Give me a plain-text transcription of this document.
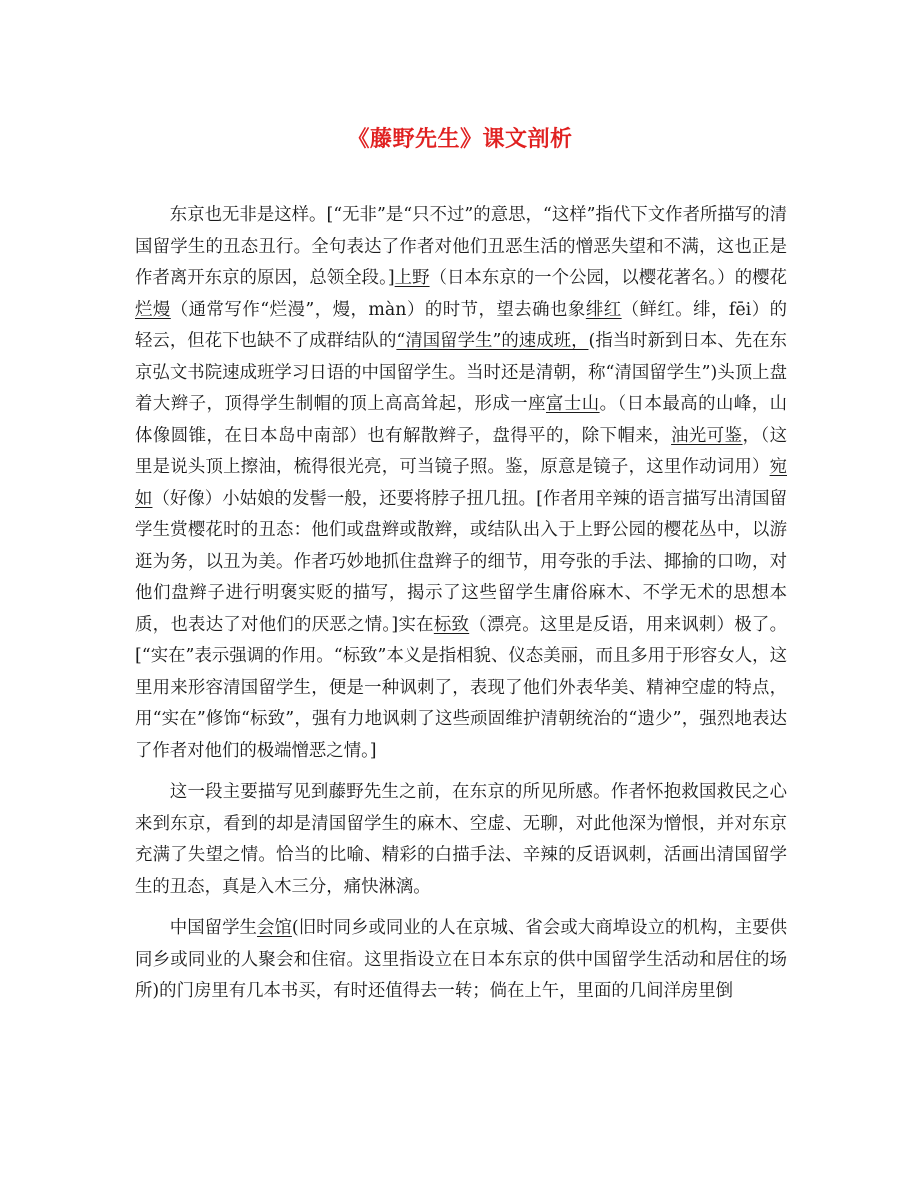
《藤野先生》课文剖析

东京也无非是这样。[“无非”是“只不过”的意思，“这样”指代下文作者所描写的清国留学生的丑态丑行。全句表达了作者对他们丑恶生活的憎恶失望和不满，这也正是作者离开东京的原因，总领全段。]上野（日本东京的一个公园，以樱花著名。）的樱花烂熳（通常写作“烂漫”，熳，màn）的时节，望去确也象绯红（鲜红。绯，fēi）的轻云，但花下也缺不了成群结队的“清国留学生”的速成班，(指当时新到日本、先在东京弘文书院速成班学习日语的中国留学生。当时还是清朝，称“清国留学生”)头顶上盘着大辫子，顶得学生制帽的顶上高高耸起，形成一座富士山。（日本最高的山峰，山体像圆锥，在日本岛中南部）也有解散辫子，盘得平的，除下帽来，油光可鉴，（这里是说头顶上擦油，梳得很光亮，可当镜子照。鉴，原意是镜子，这里作动词用）宛如（好像）小姑娘的发髻一般，还要将脖子扭几扭。[作者用辛辣的语言描写出清国留学生赏樱花时的丑态：他们或盘辫或散辫，或结队出入于上野公园的樱花丛中，以游逛为务，以丑为美。作者巧妙地抓住盘辫子的细节，用夸张的手法、揶揄的口吻，对他们盘辫子进行明褒实贬的描写，揭示了这些留学生庸俗麻木、不学无术的思想本质，也表达了对他们的厌恶之情。]实在标致（漂亮。这里是反语，用来讽刺）极了。[“实在”表示强调的作用。“标致”本义是指相貌、仪态美丽，而且多用于形容女人，这里用来形容清国留学生，便是一种讽刺了，表现了他们外表华美、精神空虚的特点，用“实在”修饰“标致”，强有力地讽刺了这些顽固维护清朝统治的“遗少”，强烈地表达了作者对他们的极端憎恶之情。]

这一段主要描写见到藤野先生之前，在东京的所见所感。作者怀抱救国救民之心来到东京，看到的却是清国留学生的麻木、空虚、无聊，对此他深为憎恨，并对东京充满了失望之情。恰当的比喻、精彩的白描手法、辛辣的反语讽刺，活画出清国留学生的丑态，真是入木三分，痛快淋漓。

中国留学生会馆(旧时同乡或同业的人在京城、省会或大商埠设立的机构，主要供同乡或同业的人聚会和住宿。这里指设立在日本东京的供中国留学生活动和居住的场所)的门房里有几本书买，有时还值得去一转；倘在上午，里面的几间洋房里倒
